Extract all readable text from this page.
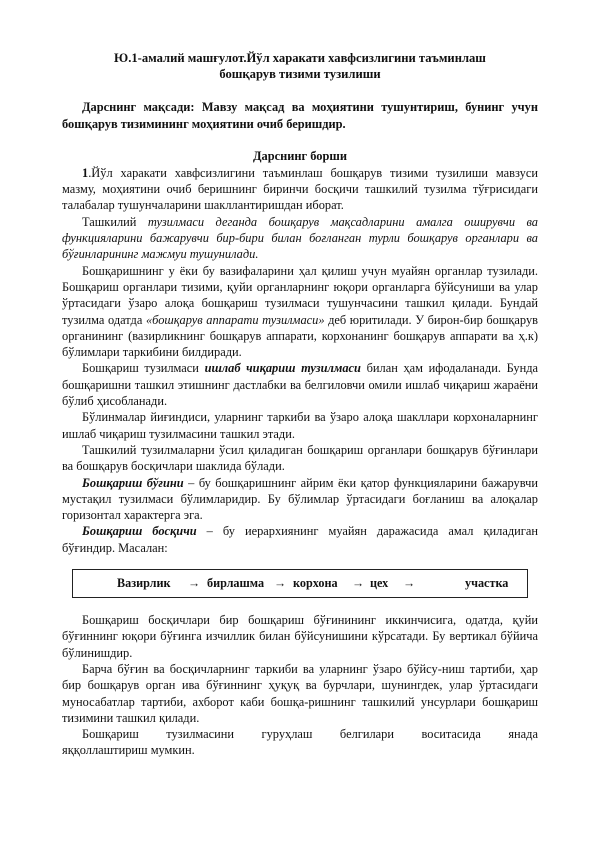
Ю.1-амалий машғулот.Йўл харакати хавфсизлигини таъминлаш
бошқарув тизими тузилиши

Дарснинг мақсади: Мавзу мақсад ва моҳиятини тушунтириш, бунинг учун бошқарув тизимининг моҳиятини очиб беришдир.

Дарснинг борши

1.Йўл харакати хавфсизлигини таъминлаш бошқарув тизими тузилиши мавзуси мазму, моҳиятини очиб беришнинг биринчи босқичи ташкилий тузилма тўғрисидаги талабалар тушунчаларини шакллантиришдан иборат.

Ташкилий тузилмаси деганда бошқарув мақсадларини амалга оширувчи ва функцияларини бажарувчи бир-бири билан боғланган турли бошқарув органлари ва бўғинларининг мажмуи тушунилади.

Бошқаришнинг у ёки бу вазифаларини ҳал қилиш учун муайян органлар тузилади. Бошқариш органлари тизими, қуйи органларнинг юқори органларга бўйсуниши ва улар ўртасидаги ўзаро алоқа бошқариш тузилмаси тушунчасини ташкил қилади. Бундай тузилма одатда «бошқарув аппарати тузилмаси» деб юритилади. У бирон-бир бошқарув органининг (вазирликнинг бошқарув аппарати, корхонанинг бошқарув аппарати ва ҳ.к) бўлимлари таркибини билдиради.

Бошқариш тузилмаси ишлаб чиқариш тузилмаси билан ҳам ифодаланади. Бунда бошқаришни ташкил этишнинг дастлабки ва белгиловчи омили ишлаб чиқариш жараёни бўлиб ҳисобланади.

Бўлинмалар йиғиндиси, уларнинг таркиби ва ўзаро алоқа шакллари корхоналарнинг ишлаб чиқариш тузилмасини ташкил этади.

Ташкилий тузилмаларни ўсил қиладиган бошқариш органлари бошқарув бўғинлари ва бошқарув босқичлари шаклида бўлади.

Бошқариш бўғини – бу бошқаришнинг айрим ёки қатор функцияларини бажарувчи мустақил тузилмаси бўлимларидир. Бу бўлимлар ўртасидаги боғланиш ва алоқалар горизонтал характерга эга.

Бошқариш босқичи – бу иерархиянинг муайян даражасида амал қиладиган бўғиндир. Масалан:

Вазирлик → бирлашма → корхона → цех →	участка

Бошқариш босқичлари бир бошқариш бўғинининг иккинчисига, одатда, қуйи бўғиннинг юқори бўғинга изчиллик билан бўйсунишини кўрсатади. Бу вертикал бўйича бўлинишдир.

Барча бўғин ва босқичларнинг таркиби ва уларнинг ўзаро бўйсу-ниш тартиби, ҳар бир бошқарув орган ива бўғиннинг ҳуқуқ ва бурчлари, шунингдек, улар ўртасидаги муносабатлар тартиби, ахборот каби бошқа-ришнинг ташкилий унсурлари бошқариш тизимини ташкил қилади.

Бошқариш тузилмасини гуруҳлаш белгилари воситасида янада

яққоллаштириш мумкин.
